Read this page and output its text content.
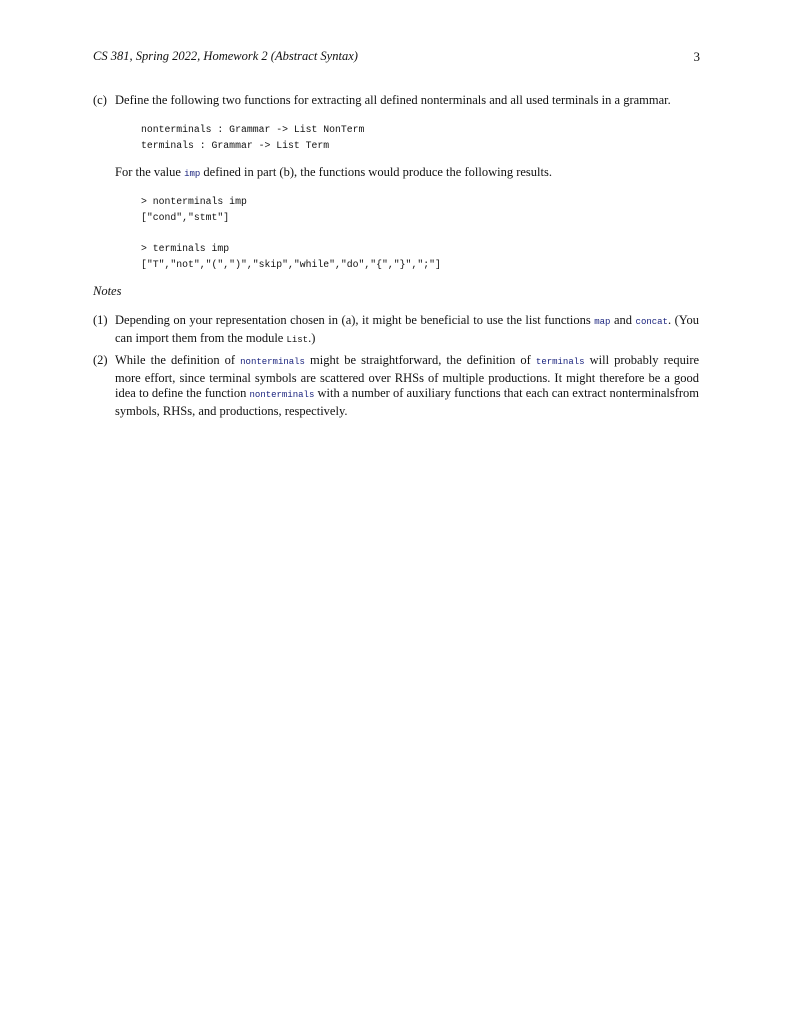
CS 381, Spring 2022, Homework 2 (Abstract Syntax)	3
(c) Define the following two functions for extracting all defined nonterminals and all used terminals in a grammar.
nonterminals : Grammar -> List NonTerm
terminals : Grammar -> List Term
For the value imp defined in part (b), the functions would produce the following results.
> nonterminals imp
["cond","stmt"]
> terminals imp
["T","not","(",")","skip","while","do","{","}",";"]
Notes
(1) Depending on your representation chosen in (a), it might be beneficial to use the list functions map and concat. (You can import them from the module List.)
(2) While the definition of nonterminals might be straightforward, the definition of terminals will probably require more effort, since terminal symbols are scattered over RHSs of multiple productions. It might therefore be a good idea to define the function nonterminals with a number of auxiliary functions that each can extract nonterminalsfrom symbols, RHSs, and productions, respectively.
